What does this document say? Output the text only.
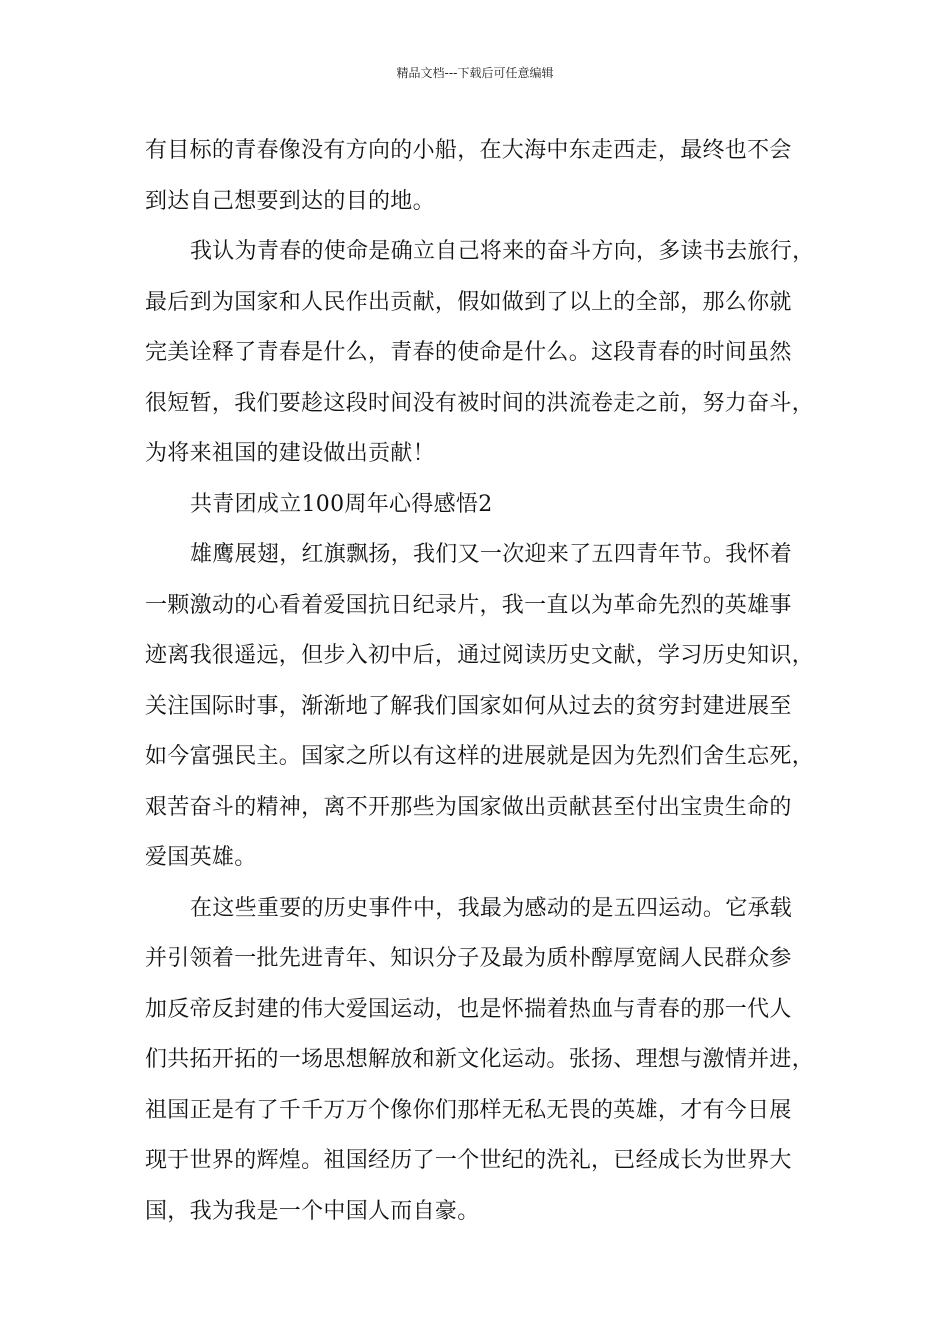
精品文档---下载后可任意编辑
有目标的青春像没有方向的小船，在大海中东走西走，最终也不会
到达自己想要到达的目的地。
我认为青春的使命是确立自己将来的奋斗方向，多读书去旅行，
最后到为国家和人民作出贡献，假如做到了以上的全部，那么你就
完美诠释了青春是什么，青春的使命是什么。这段青春的时间虽然
很短暂，我们要趁这段时间没有被时间的洪流卷走之前，努力奋斗，
为将来祖国的建设做出贡献！
共青团成立100周年心得感悟2
雄鹰展翅，红旗飘扬，我们又一次迎来了五四青年节。我怀着
一颗激动的心看着爱国抗日纪录片，我一直以为革命先烈的英雄事
迹离我很遥远，但步入初中后，通过阅读历史文献，学习历史知识，
关注国际时事，渐渐地了解我们国家如何从过去的贫穷封建进展至
如今富强民主。国家之所以有这样的进展就是因为先烈们舍生忘死，
艰苦奋斗的精神，离不开那些为国家做出贡献甚至付出宝贵生命的
爱国英雄。
在这些重要的历史事件中，我最为感动的是五四运动。它承载
并引领着一批先进青年、知识分子及最为质朴醇厚宽阔人民群众参
加反帝反封建的伟大爱国运动，也是怀揣着热血与青春的那一代人
们共拓开拓的一场思想解放和新文化运动。张扬、理想与激情并进，
祖国正是有了千千万万个像你们那样无私无畏的英雄，才有今日展
现于世界的辉煌。祖国经历了一个世纪的洗礼，已经成长为世界大
国，我为我是一个中国人而自豪。
